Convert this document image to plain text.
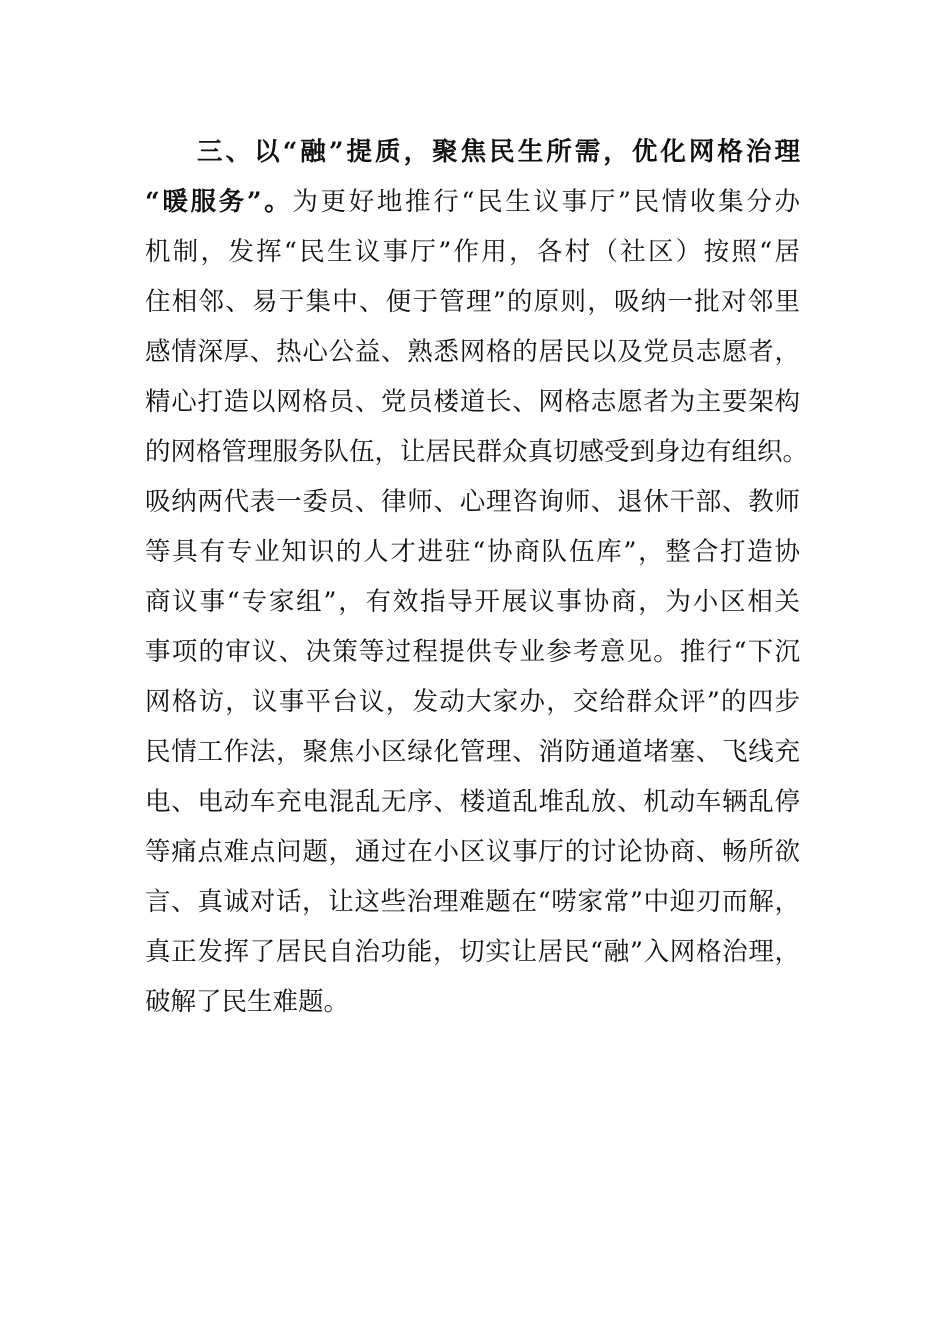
三、以“融”提质，聚焦民生所需，优化网格治理
“暖服务”。为更好地推行“民生议事厅”民情收集分办
机制，发挥“民生议事厅”作用，各村（社区）按照“居
住相邻、易于集中、便于管理”的原则，吸纳一批对邻里
感情深厚、热心公益、熟悉网格的居民以及党员志愿者，
精心打造以网格员、党员楼道长、网格志愿者为主要架构
的网格管理服务队伍，让居民群众真切感受到身边有组织。
吸纳两代表一委员、律师、心理咨询师、退休干部、教师
等具有专业知识的人才进驻“协商队伍库”，整合打造协
商议事“专家组”，有效指导开展议事协商，为小区相关
事项的审议、决策等过程提供专业参考意见。推行“下沉
网格访，议事平台议，发动大家办，交给群众评”的四步
民情工作法，聚焦小区绿化管理、消防通道堵塞、飞线充
电、电动车充电混乱无序、楼道乱堆乱放、机动车辆乱停
等痛点难点问题，通过在小区议事厅的讨论协商、畅所欲
言、真诚对话，让这些治理难题在“唠家常”中迎刃而解，
真正发挥了居民自治功能，切实让居民“融”入网格治理，
破解了民生难题。
